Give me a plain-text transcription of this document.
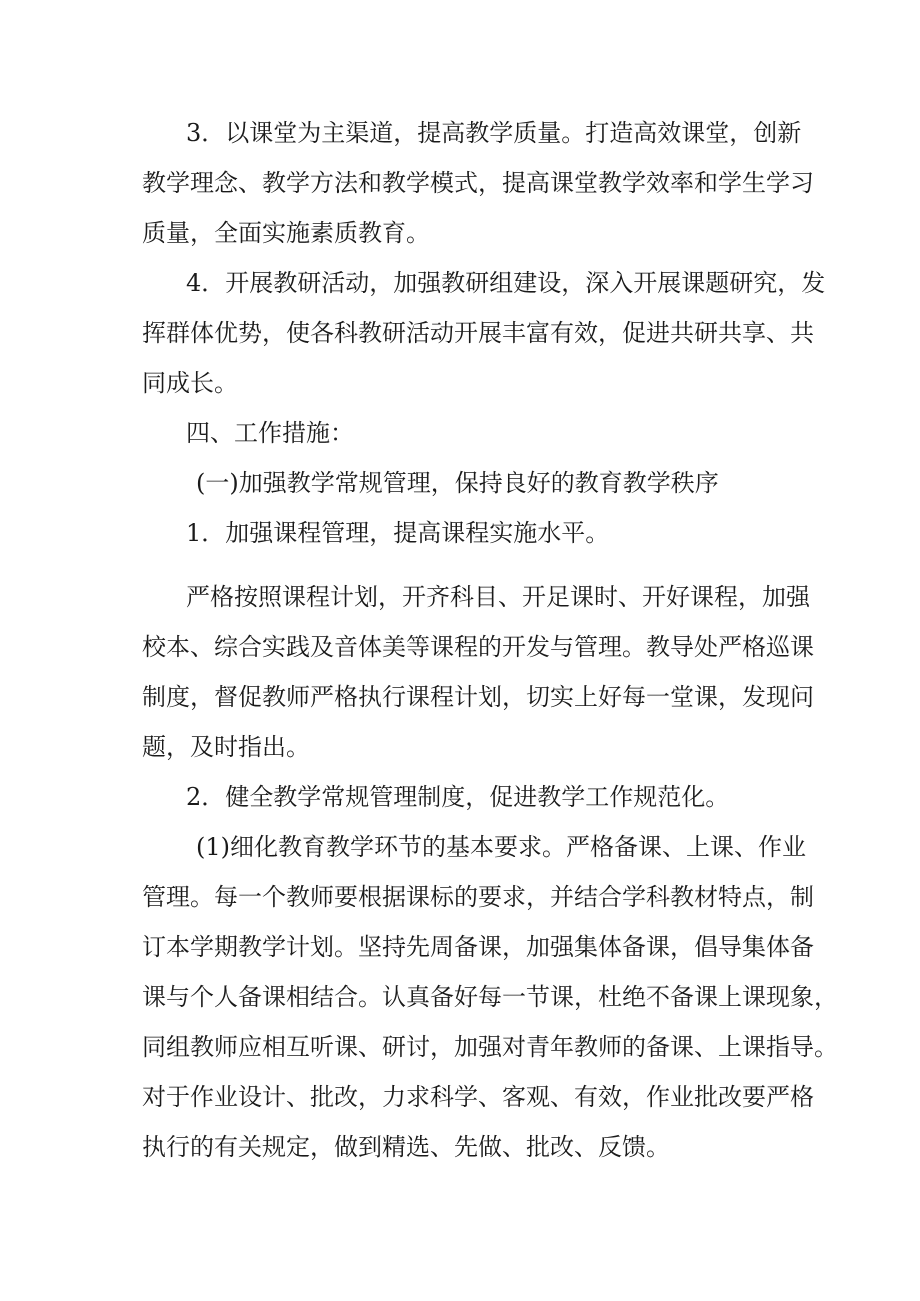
3．以课堂为主渠道，提高教学质量。打造高效课堂，创新
教学理念、教学方法和教学模式，提高课堂教学效率和学生学习
质量，全面实施素质教育。
4．开展教研活动，加强教研组建设，深入开展课题研究，发
挥群体优势，使各科教研活动开展丰富有效，促进共研共享、共
同成长。
四、工作措施：
(一)加强教学常规管理，保持良好的教育教学秩序
1．加强课程管理，提高课程实施水平。
严格按照课程计划，开齐科目、开足课时、开好课程，加强
校本、综合实践及音体美等课程的开发与管理。教导处严格巡课
制度，督促教师严格执行课程计划，切实上好每一堂课，发现问
题，及时指出。
2．健全教学常规管理制度，促进教学工作规范化。
(1)细化教育教学环节的基本要求。严格备课、上课、作业
管理。每一个教师要根据课标的要求，并结合学科教材特点，制
订本学期教学计划。坚持先周备课，加强集体备课，倡导集体备
课与个人备课相结合。认真备好每一节课，杜绝不备课上课现象，
同组教师应相互听课、研讨，加强对青年教师的备课、上课指导。
对于作业设计、批改，力求科学、客观、有效，作业批改要严格
执行的有关规定，做到精选、先做、批改、反馈。
